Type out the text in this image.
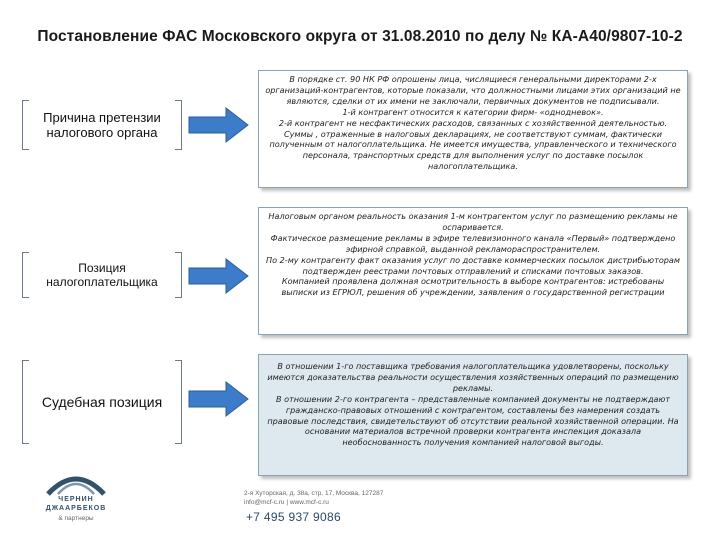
Постановление ФАС Московского округа от 31.08.2010 по делу № КА-А40/9807-10-2
Причина претензии налогового органа

В порядке ст. 90 НК РФ опрошены лица, числящиеся генеральными директорами 2-х организаций-контрагентов, которые показали, что должностными лицами этих организаций не являются, сделки от их имени не заключали, первичных документов не подписывали.

1-й контрагент относится к категории фирм- «однодневок».

2-й контрагент не несфактических расходов, связанных с хозяйственной деятельностью. Суммы , отраженные в налоговых декларациях, не соответствуют суммам, фактически полученным от налогоплательщика. Не имеется имущества, управленческого и технического персонала, транспортных средств для выполнения услуг по доставке посылок налогоплательщика.

Позиция налогоплательщика

Налоговым органом реальность оказания 1-м контрагентом услуг по размещению рекламы не оспаривается.

Фактическое размещение рекламы в эфире телевизионного канала «Первый» подтверждено эфирной справкой, выданной рекламораспространителем.

По 2-му контрагенту факт оказания услуг по доставке коммерческих посылок дистрибьюторам подтвержден реестрами почтовых отправлений и списками почтовых заказов.

Компанией проявлена должная осмотрительность в выборе контрагентов: истребованы выписки из ЕГРЮЛ, решения об учреждении, заявления о государственной регистрации

Судебная позиция

В отношении 1-го поставщика требования налогоплательщика удовлетворены, поскольку имеются доказательства реальности осуществления хозяйственных операций по размещению рекламы.

В отношении 2-го контрагента – представленные компанией документы не подтверждают гражданско-правовых отношений с контрагентом, составлены без намерения создать правовые последствия, свидетельствуют об отсутствии реальной хозяйственной операции. На основании материалов встречной проверки контрагента инспекция доказала необоснованность получения компанией налоговой выгоды.

ЧЕРНИН
ДЖААРБЕКОВ
& партнеры
2-я Хуторская, д. 38а, стр. 17, Москва, 127287
info@mcf-c.ru | www.mcf-c.ru
+7 495 937 9086
